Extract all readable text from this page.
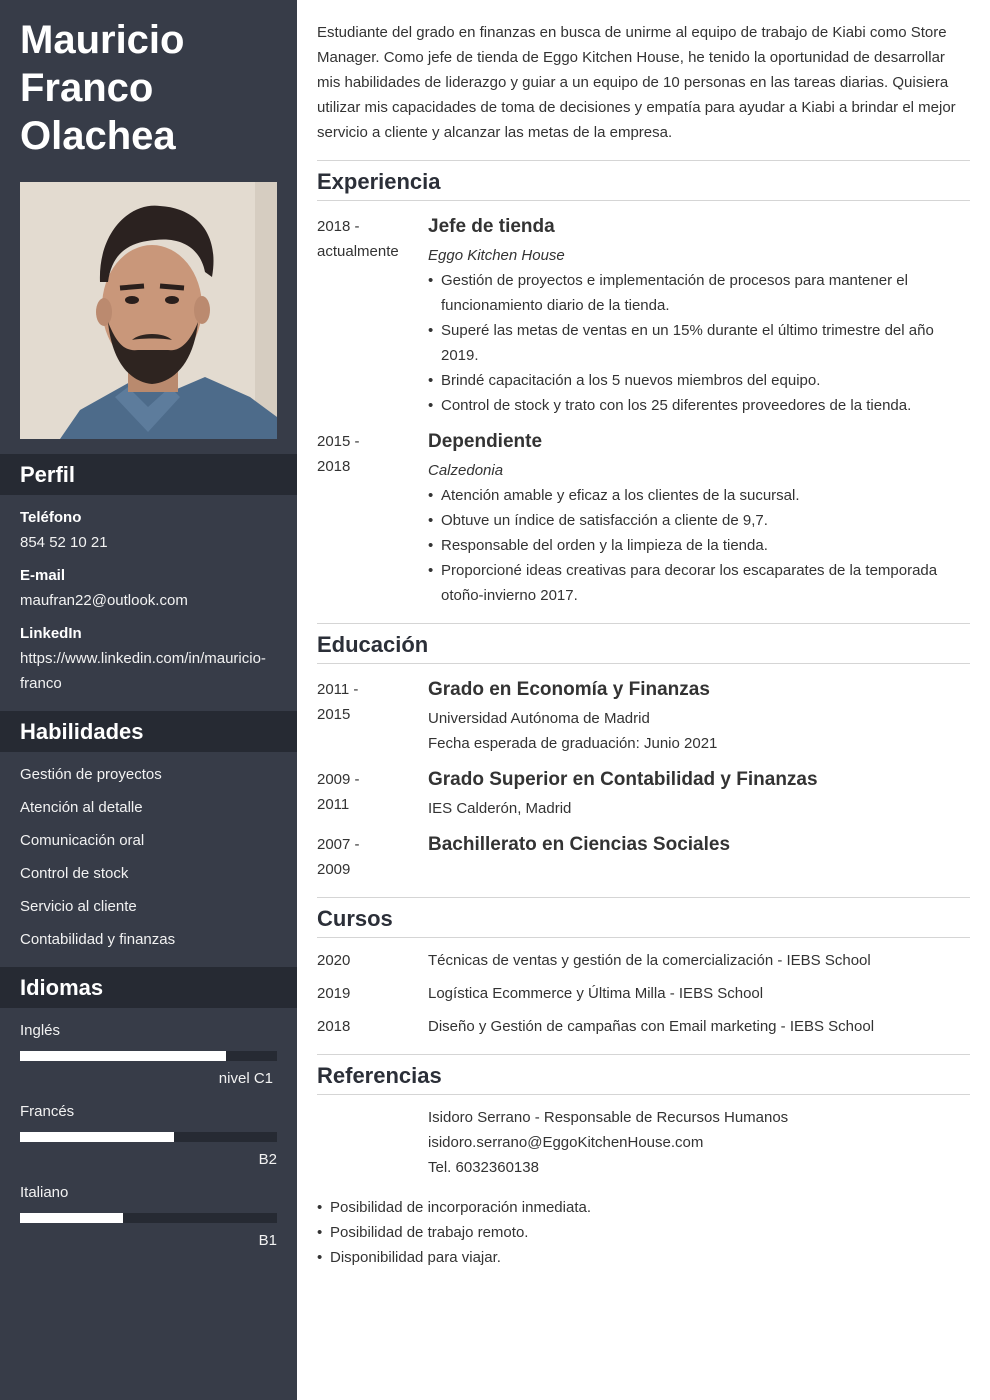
Mauricio
Franco
Olachea
Perfil
Teléfono
854 52 10 21
E-mail
maufran22@outlook.com
LinkedIn
https://www.linkedin.com/in/mauricio-franco
Habilidades
Gestión de proyectos
Atención al detalle
Comunicación oral
Control de stock
Servicio al cliente
Contabilidad y finanzas
Idiomas
Inglés
nivel C1
Francés
B2
Italiano
B1
Estudiante del grado en finanzas en busca de unirme al equipo de trabajo de Kiabi como Store Manager. Como jefe de tienda de Eggo Kitchen House, he tenido la oportunidad de desarrollar mis habilidades de liderazgo y guiar a un equipo de 10 personas en las tareas diarias. Quisiera utilizar mis capacidades de toma de decisiones y empatía para ayudar a Kiabi a brindar el mejor servicio a cliente y alcanzar las metas de la empresa.
Experiencia
2018 -
actualmente
Jefe de tienda
Eggo Kitchen House
• Gestión de proyectos e implementación de procesos para mantener el funcionamiento diario de la tienda.
• Superé las metas de ventas en un 15% durante el último trimestre del año 2019.
• Brindé capacitación a los 5 nuevos miembros del equipo.
• Control de stock y trato con los 25 diferentes proveedores de la tienda.
2015 -
2018
Dependiente
Calzedonia
• Atención amable y eficaz a los clientes de la sucursal.
• Obtuve un índice de satisfacción a cliente de 9,7.
• Responsable del orden y la limpieza de la tienda.
• Proporcioné ideas creativas para decorar los escaparates de la temporada otoño-invierno 2017.
Educación
2011 -
2015
Grado en Economía y Finanzas
Universidad Autónoma de Madrid
Fecha esperada de graduación: Junio 2021
2009 -
2011
Grado Superior en Contabilidad y Finanzas
IES Calderón, Madrid
2007 -
2009
Bachillerato en Ciencias Sociales
Cursos
2020	Técnicas de ventas y gestión de la comercialización - IEBS School
2019	Logística Ecommerce y Última Milla - IEBS School
2018	Diseño y Gestión de campañas con Email marketing - IEBS School
Referencias
Isidoro Serrano - Responsable de Recursos Humanos
isidoro.serrano@EggoKitchenHouse.com
Tel. 6032360138
• Posibilidad de incorporación inmediata.
• Posibilidad de trabajo remoto.
• Disponibilidad para viajar.
